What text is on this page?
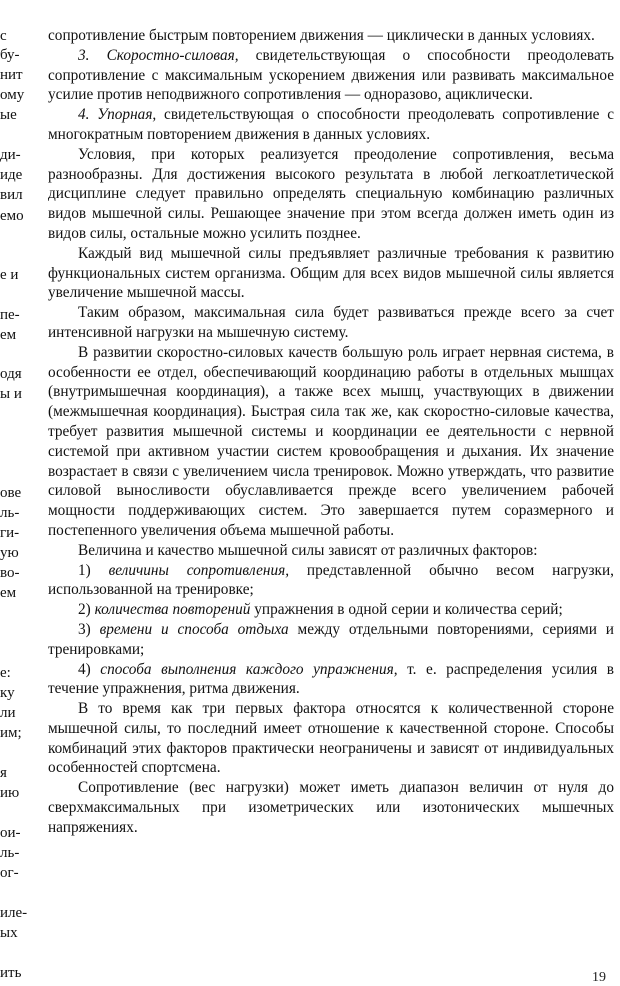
с
бу-
нит
ому
ые
ди-
иде
вил
емо
е и
пе-
ем
одя
ы и
ове
ль-
ги-
ую
во-
ем
е:
ку
ли
им;
я
ию
ои-
ль-
ог-
иле-
ых
ить

сопротивление быстрым повторением движения — циклически в данных условиях.

3. Скоростно-силовая, свидетельствующая о способности преодолевать сопротивление с максимальным ускорением движения или развивать максимальное усилие против неподвижного сопротивления — одноразово, ациклически.

4. Упорная, свидетельствующая о способности преодолевать сопротивление с многократным повторением движения в данных условиях.

Условия, при которых реализуется преодоление сопротивления, весьма разнообразны. Для достижения высокого результата в любой легкоатлетической дисциплине следует правильно определять специальную комбинацию различных видов мышечной силы. Решающее значение при этом всегда должен иметь один из видов силы, остальные можно усилить позднее.

Каждый вид мышечной силы предъявляет различные требования к развитию функциональных систем организма. Общим для всех видов мышечной силы является увеличение мышечной массы.

Таким образом, максимальная сила будет развиваться прежде всего за счет интенсивной нагрузки на мышечную систему.

В развитии скоростно-силовых качеств большую роль играет нервная система, в особенности ее отдел, обеспечивающий координацию работы в отдельных мышцах (внутримышечная координация), а также всех мышц, участвующих в движении (межмышечная координация). Быстрая сила так же, как скоростно-силовые качества, требует развития мышечной системы и координации ее деятельности с нервной системой при активном участии систем кровообращения и дыхания. Их значение возрастает в связи с увеличением числа тренировок. Можно утверждать, что развитие силовой выносливости обуславливается прежде всего увеличением рабочей мощности поддерживающих систем. Это завершается путем соразмерного и постепенного увеличения объема мышечной работы.

Величина и качество мышечной силы зависят от различных факторов:

1) величины сопротивления, представленной обычно весом нагрузки, использованной на тренировке;

2) количества повторений упражнения в одной серии и количества серий;

3) времени и способа отдыха между отдельными повторениями, сериями и тренировками;

4) способа выполнения каждого упражнения, т. е. распределения усилия в течение упражнения, ритма движения.

В то время как три первых фактора относятся к количественной стороне мышечной силы, то последний имеет отношение к качественной стороне. Способы комбинаций этих факторов практически неограничены и зависят от индивидуальных особенностей спортсмена.

Сопротивление (вес нагрузки) может иметь диапазон величин от нуля до сверхмаксимальных при изометрических или изотонических мышечных напряжениях.

19
